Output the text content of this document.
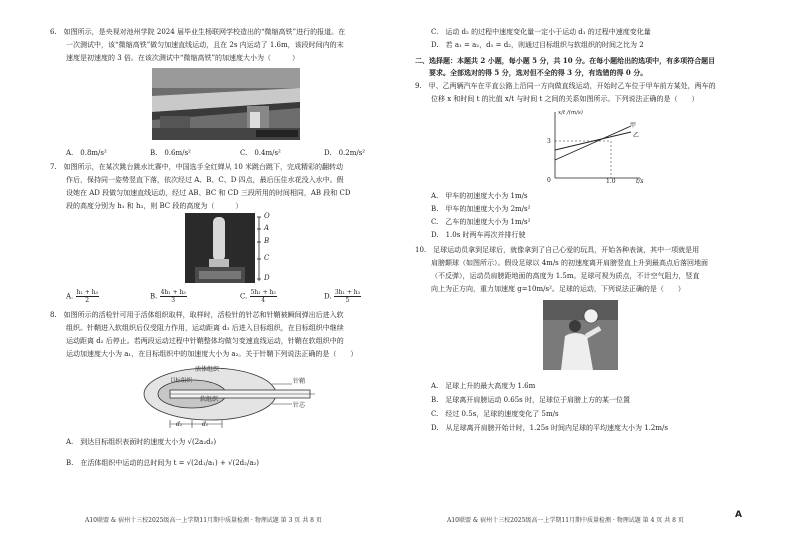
6.　如图所示，是央视对池州学院 2024 届毕业生杨联网学校造出的“微缩高铁”进行的报道。在
一次测试中，该“微缩高铁”做匀加速直线运动，且在 2s 内运动了 1.6m，该段时间内的末
速度是初速度的 3 倍。在该次测试中“微缩高铁”的加速度大小为（　　　）
A.　0.8m/s²	B.　0.6m/s²	C.　0.4m/s²	D.　0.2m/s²
7.　如图所示，在某次跳台跳水比赛中，中国选手全红婵从 10 米跳台跳下，完成精彩的翻转动
作后，保持同一姿势竖直下落，依次经过 A、B、C、D 四点，最后压住水花没入水中。假
设她在 AD 段做匀加速直线运动，经过 AB、BC 和 CD 三段所用的时间相同，AB 段和 CD
段的高度分别为 h₁ 和 h₃，则 BC 段的高度为（　　　）
O
A
B
C
D
A. $\frac{\text{h₁ + h₃}}{2}$	B. $\frac{\text{4h₁ + h₃}}{3}$	C. $\frac{\text{5h₁ + h₃}}{4}$	D. $\frac{\text{3h₁ + h₃}}{5}$
8.　如图所示的活检针可用于活体组织取样，取样时，活检针的针芯和针鞘被瞬间弹出后进入软
组织。针鞘进入软组织后仅受阻力作用，运动距离 d₁ 后进入目标组织，在目标组织中继续
运动距离 d₂ 后停止。若两段运动过程中针鞘整体均做匀变速直线运动，针鞘在软组织中的
运动加速度大小为 a₁，在目标组织中的加速度大小为 a₂。关于针鞘下列说法正确的是（　　）
活体组织
目标组织
软组织
针鞘
针芯
d₂	d₁
A.　到达目标组织表面时的速度大小为 √(2a₂d₂)
B.　在活体组织中运动的总时间为 t = √(2d₁/a₁) + √(2d₂/a₂)
A10联盟 & 宿州十三校2025级高一上学期11月期中质量检测 · 物理试题 第 3 页 共 8 页
C.　运动 d₂ 的过程中速度变化量一定小于运动 d₁ 的过程中速度变化量
D.　若 a₁ = a₂，d₁ = d₂，则通过目标组织与软组织的时间之比为 2
二、选择题：本题共 2 小题，每小题 5 分，共 10 分。在每小题给出的选项中，有多项符合题目
　　要求。全部选对的得 5 分，选对但不全的得 3 分，有选错的得 0 分。
9.　甲、乙两辆汽车在平直公路上沿同一方向做直线运动，开始时乙车位于甲车前方某处，两车的
位移 x 和时间 t 的比值 x/t 与时间 t 之间的关系如图所示。下列说法正确的是（　　）
x/t /(m/s)
3
1.0
0	t/s
甲
乙
A.　甲车的初速度大小为 1m/s
B.　甲车的加速度大小为 2m/s²
C.　乙车的加速度大小为 1m/s²
D.　1.0s 时两车再次并排行驶
10.　足球运动员拿到足球后，就像拿到了自己心爱的玩具，开始各种表演，其中一项就是用
肩膀颠球（如图所示）。假设足球以 4m/s 的初速度离开肩膀竖直上升到最高点后落回地面
（不反弹），运动员肩膀距地面的高度为 1.5m。足球可视为质点，不计空气阻力，竖直
向上为正方向，重力加速度 g=10m/s²。足球的运动，下列说法正确的是（　　）
A.　足球上升的最大高度为 1.6m
B.　足球离开肩膀运动 0.65s 时，足球位于肩膀上方的某一位置
C.　经过 0.5s，足球的速度变化了 5m/s
D.　从足球离开肩膀开始计时，1.25s 时间内足球的平均速度大小为 1.2m/s
A10联盟 & 宿州十三校2025级高一上学期11月期中质量检测 · 物理试题 第 4 页 共 8 页
A
